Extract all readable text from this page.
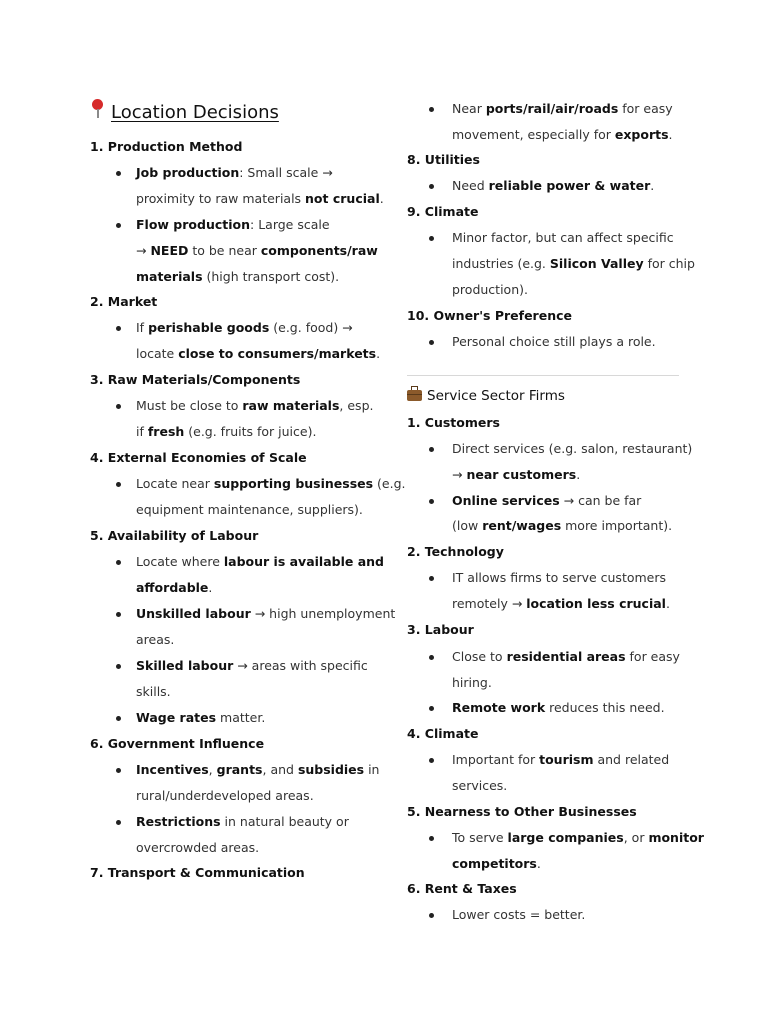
Location Decisions
1. Production Method
Job production: Small scale →
proximity to raw materials not crucial.
Flow production: Large scale
→ NEED to be near components/raw
materials (high transport cost).
2. Market
If perishable goods (e.g. food) →
locate close to consumers/markets.
3. Raw Materials/Components
Must be close to raw materials, esp.
if fresh (e.g. fruits for juice).
4. External Economies of Scale
Locate near supporting businesses (e.g.
equipment maintenance, suppliers).
5. Availability of Labour
Locate where labour is available and
affordable.
Unskilled labour → high unemployment
areas.
Skilled labour → areas with specific
skills.
Wage rates matter.
6. Government Influence
Incentives, grants, and subsidies in
rural/underdeveloped areas.
Restrictions in natural beauty or
overcrowded areas.
7. Transport & Communication
Service Sector Firms
Near ports/rail/air/roads for easy
movement, especially for exports.
8. Utilities
Need reliable power & water.
9. Climate
Minor factor, but can affect specific
industries (e.g. Silicon Valley for chip
production).
10. Owner's Preference
Personal choice still plays a role.
1. Customers
Direct services (e.g. salon, restaurant)
→ near customers.
Online services → can be far
(low rent/wages more important).
2. Technology
IT allows firms to serve customers
remotely → location less crucial.
3. Labour
Close to residential areas for easy
hiring.
Remote work reduces this need.
4. Climate
Important for tourism and related
services.
5. Nearness to Other Businesses
To serve large companies, or monitor
competitors.
6. Rent & Taxes
Lower costs = better.
